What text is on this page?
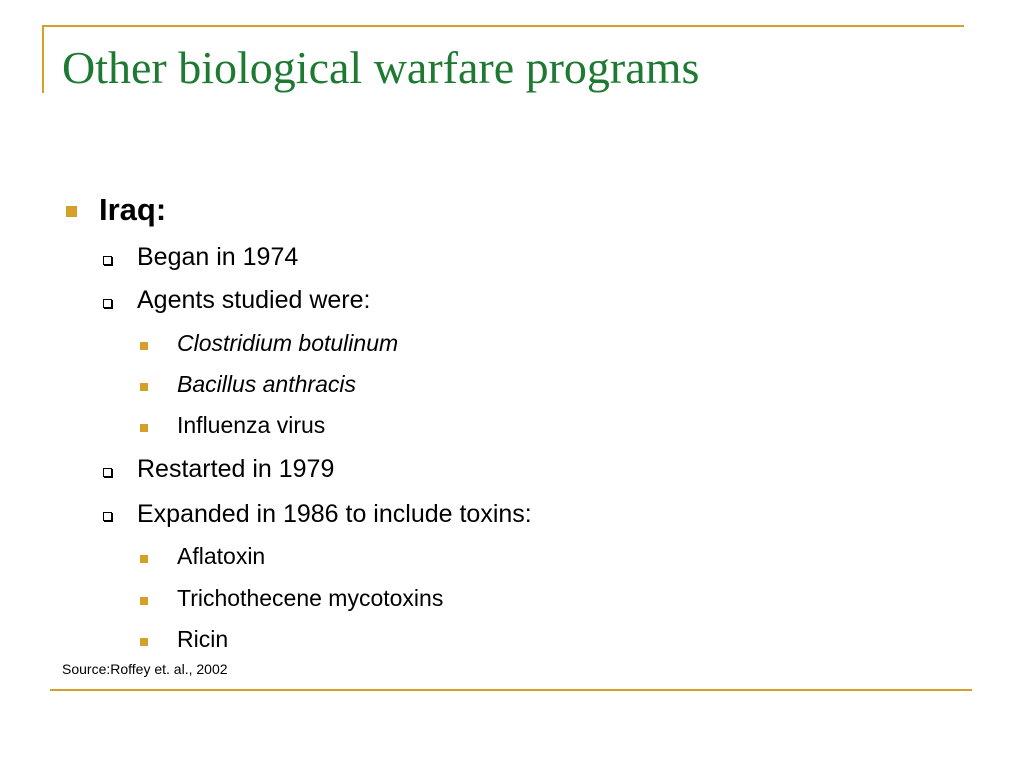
Other biological warfare programs
Iraq:
Began in 1974
Agents studied were:
Clostridium botulinum
Bacillus anthracis
Influenza virus
Restarted in 1979
Expanded in 1986 to include toxins:
Aflatoxin
Trichothecene mycotoxins
Ricin
Source:Roffey et. al., 2002
